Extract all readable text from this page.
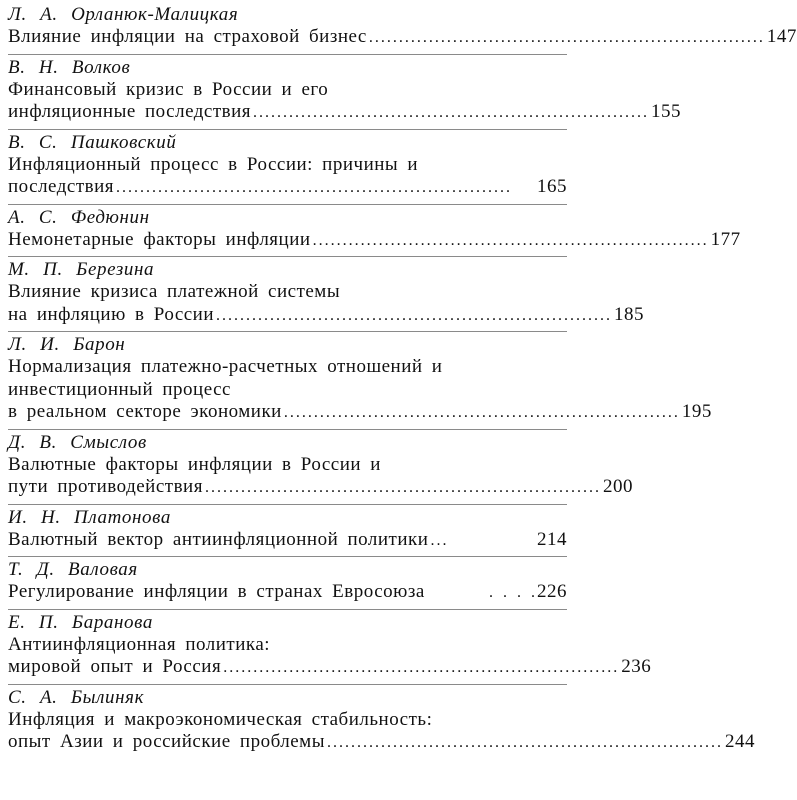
Л. А. Орланюк-Малицкая
Влияние инфляции на страховой бизнес .................................................................. 147
В. Н. Волков
Финансовый кризис в России и его
инфляционные последствия .................................................................. 155
В. С. Пашковский
Инфляционный процесс в России: причины и
последствия ..................................................................	165
А. С. Федюнин
Немонетарные факторы инфляции .................................................................. 177
М. П. Березина
Влияние кризиса платежной системы
на инфляцию в России .................................................................. 185
Л. И. Барон
Нормализация платежно-расчетных отношений и
инвестиционный процесс
в реальном секторе экономики .................................................................. 195
Д. В. Смыслов
Валютные факторы инфляции в России и
пути противодействия .................................................................. 200
И. Н. Платонова
Валютный вектор антиинфляционной политики ...	214
Т. Д. Валовая
Регулирование инфляции в странах Евросоюза	. . . . 226
Е. П. Баранова
Антиинфляционная политика:
мировой опыт и Россия .................................................................. 236
С. А. Былиняк
Инфляция и макроэкономическая стабильность:
опыт Азии и российские проблемы .................................................................. 244
